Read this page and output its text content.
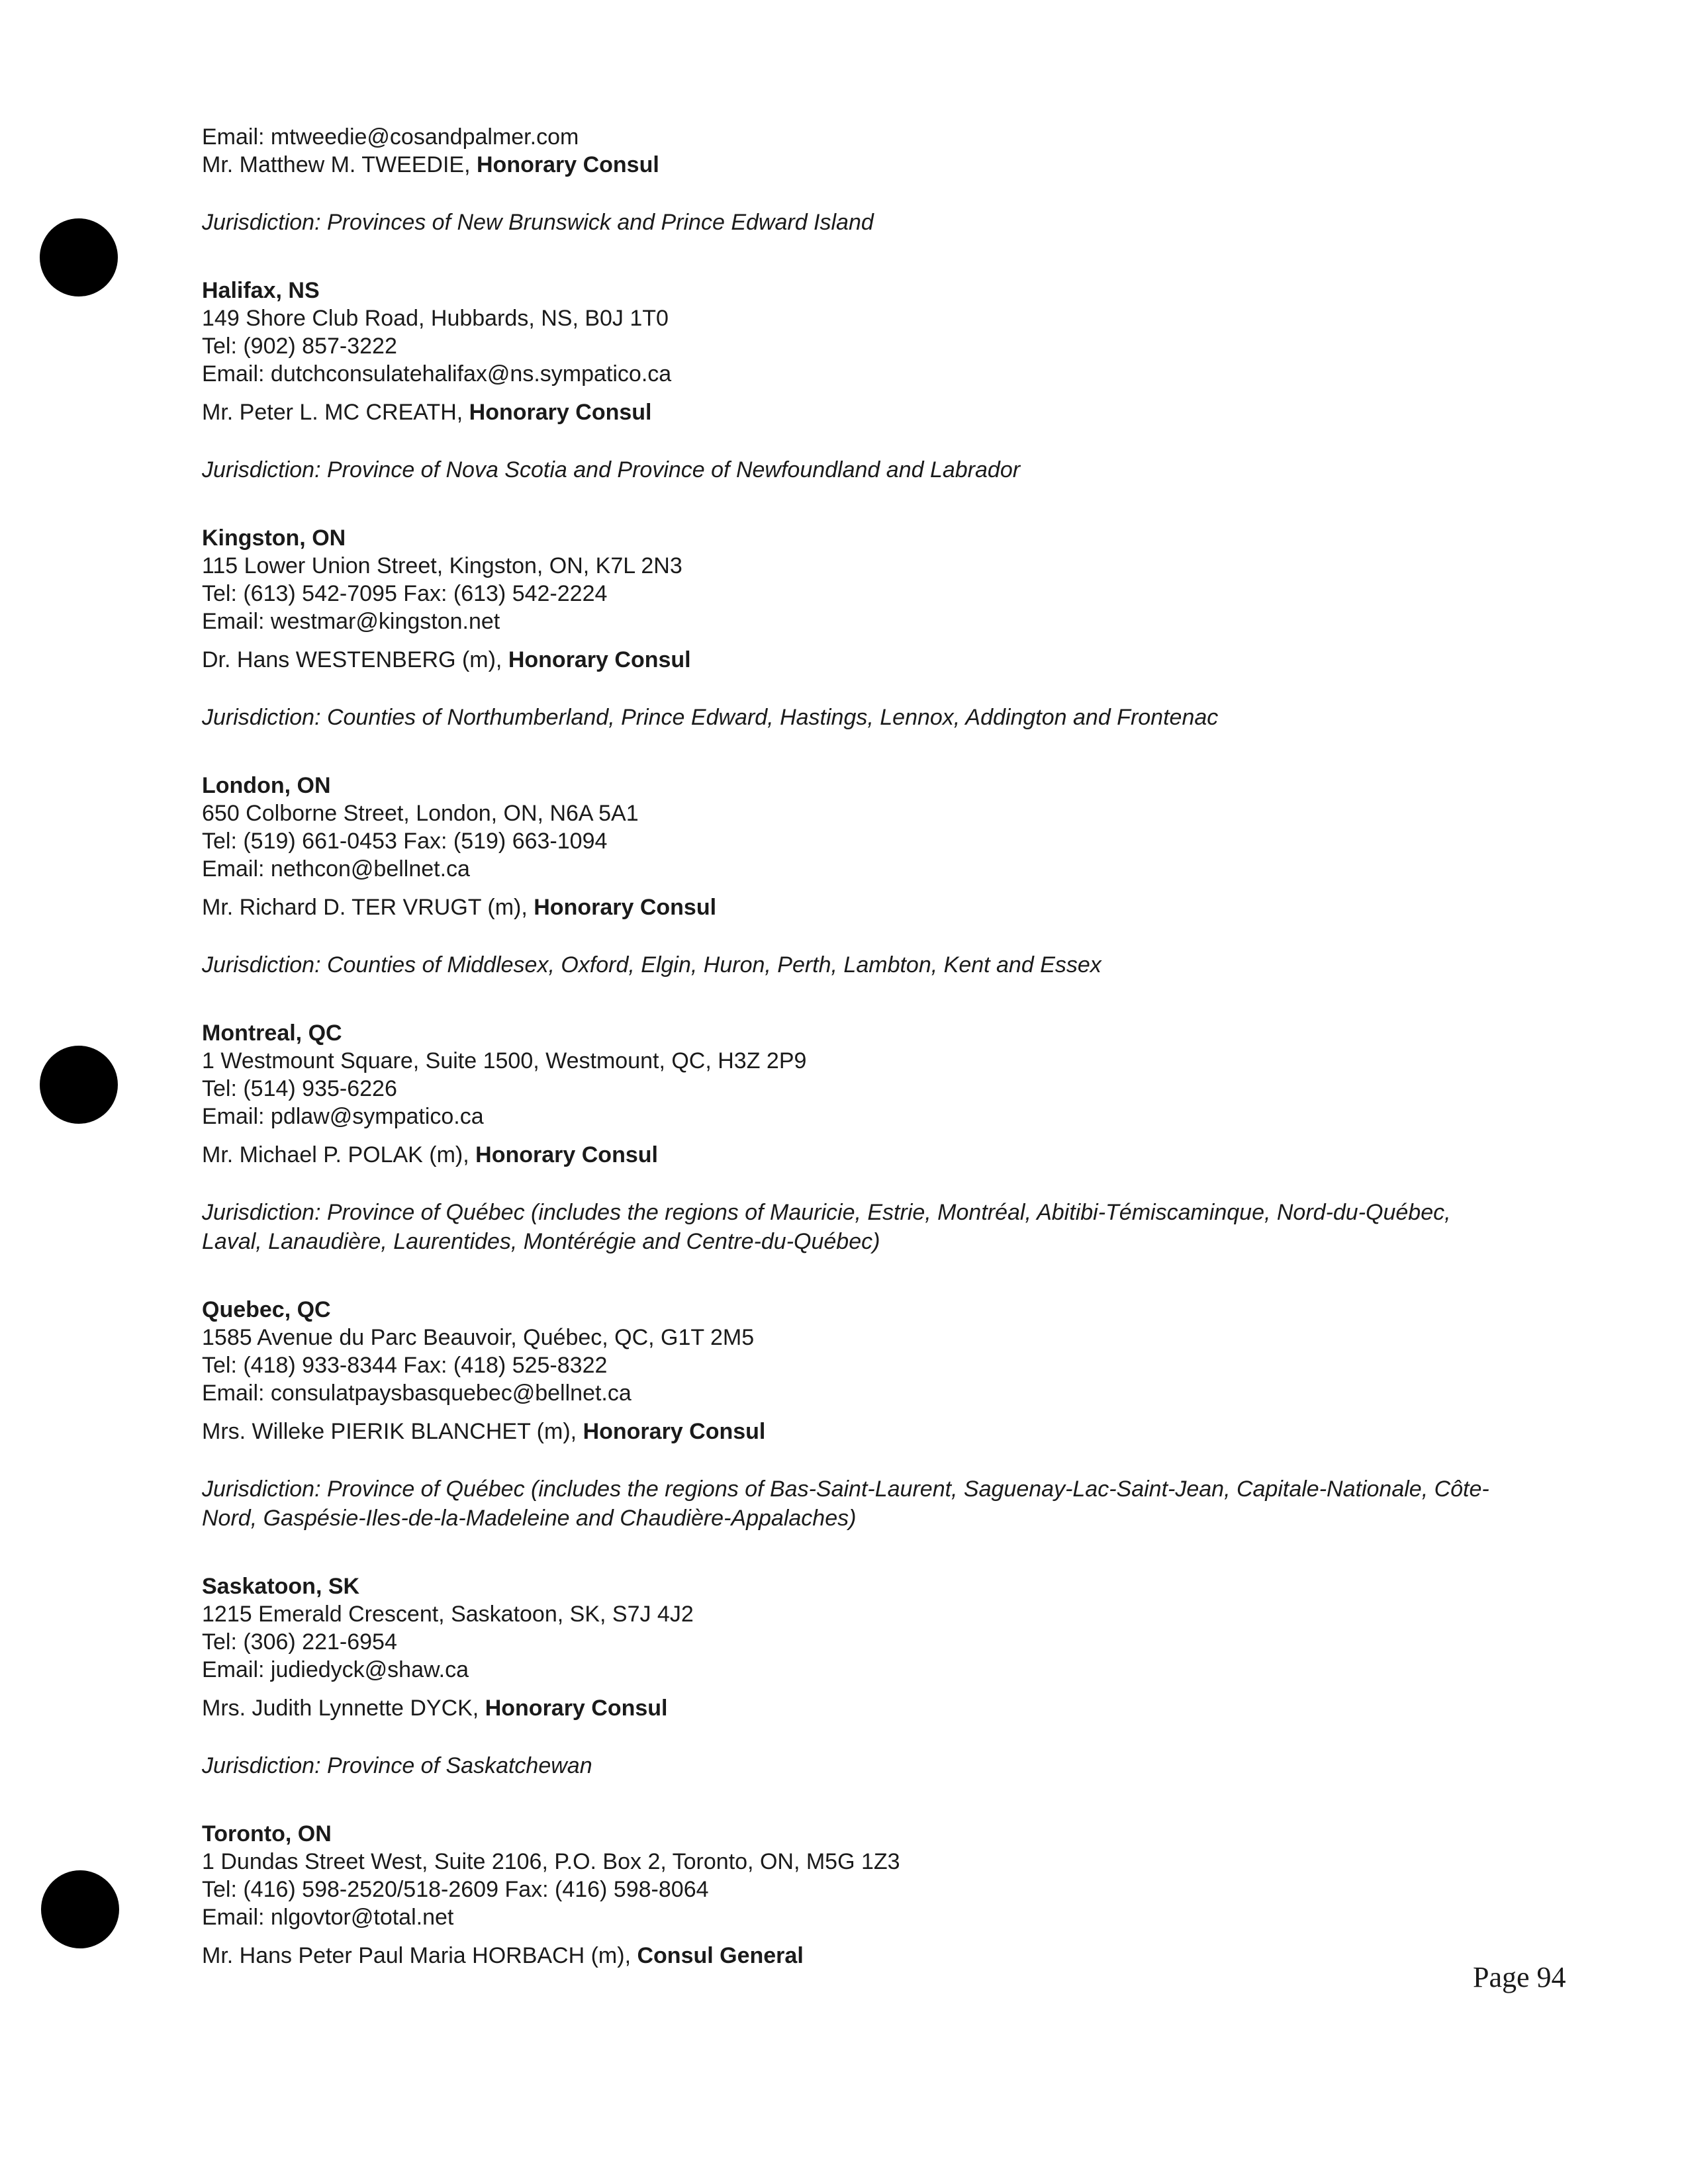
Email: mtweedie@cosandpalmer.com
Mr. Matthew M. TWEEDIE, Honorary Consul
Jurisdiction: Provinces of New Brunswick and Prince Edward Island
Halifax, NS
149 Shore Club Road, Hubbards, NS, B0J 1T0
Tel: (902) 857-3222
Email: dutchconsulatehalifax@ns.sympatico.ca
Mr. Peter L. MC CREATH, Honorary Consul
Jurisdiction: Province of Nova Scotia and Province of Newfoundland and Labrador
Kingston, ON
115 Lower Union Street, Kingston, ON, K7L 2N3
Tel: (613) 542-7095 Fax: (613) 542-2224
Email: westmar@kingston.net
Dr. Hans WESTENBERG (m), Honorary Consul
Jurisdiction: Counties of Northumberland, Prince Edward, Hastings, Lennox, Addington and Frontenac
London, ON
650 Colborne Street, London, ON, N6A 5A1
Tel: (519) 661-0453 Fax: (519) 663-1094
Email: nethcon@bellnet.ca
Mr. Richard D. TER VRUGT (m), Honorary Consul
Jurisdiction: Counties of Middlesex, Oxford, Elgin, Huron, Perth, Lambton, Kent and Essex
Montreal, QC
1 Westmount Square, Suite 1500, Westmount, QC, H3Z 2P9
Tel: (514) 935-6226
Email: pdlaw@sympatico.ca
Mr. Michael P. POLAK (m), Honorary Consul
Jurisdiction: Province of Québec (includes the regions of Mauricie, Estrie, Montréal, Abitibi-Témiscaminque, Nord-du-Québec, Laval, Lanaudière, Laurentides, Montérégie and Centre-du-Québec)
Quebec, QC
1585 Avenue du Parc Beauvoir, Québec, QC, G1T 2M5
Tel: (418) 933-8344 Fax: (418) 525-8322
Email: consulatpaysbasquebec@bellnet.ca
Mrs. Willeke PIERIK BLANCHET (m), Honorary Consul
Jurisdiction: Province of Québec (includes the regions of Bas-Saint-Laurent, Saguenay-Lac-Saint-Jean, Capitale-Nationale, Côte-Nord, Gaspésie-Iles-de-la-Madeleine and Chaudière-Appalaches)
Saskatoon, SK
1215 Emerald Crescent, Saskatoon, SK, S7J 4J2
Tel: (306) 221-6954
Email: judiedyck@shaw.ca
Mrs. Judith Lynnette DYCK, Honorary Consul
Jurisdiction: Province of Saskatchewan
Toronto, ON
1 Dundas Street West, Suite 2106, P.O. Box 2, Toronto, ON, M5G 1Z3
Tel: (416) 598-2520/518-2609 Fax: (416) 598-8064
Email: nlgovtor@total.net
Mr. Hans Peter Paul Maria HORBACH (m), Consul General
Page 94
